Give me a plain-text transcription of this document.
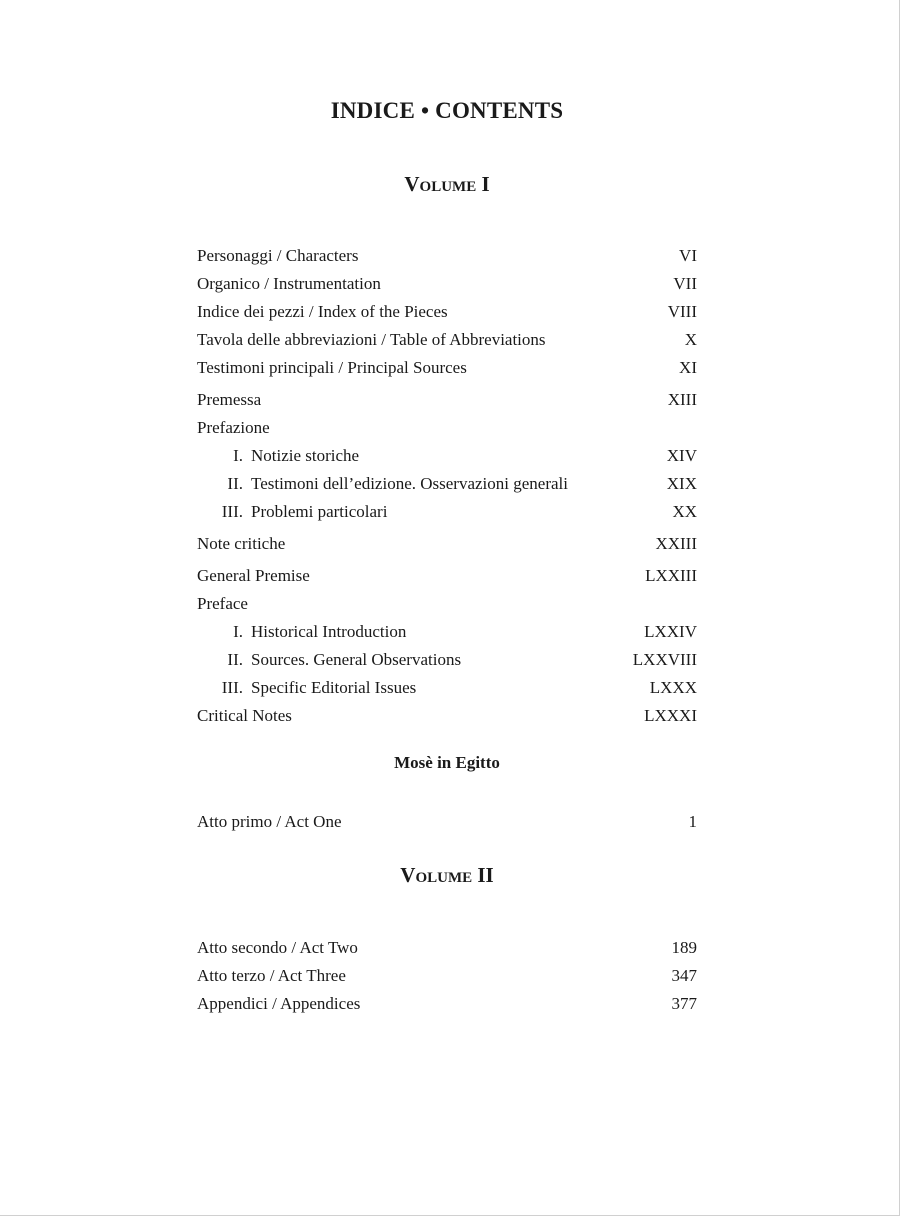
INDICE • CONTENTS
Volume I
Personaggi / Characters	VI
Organico / Instrumentation	VII
Indice dei pezzi / Index of the Pieces	VIII
Tavola delle abbreviazioni / Table of Abbreviations	X
Testimoni principali / Principal Sources	XI
Premessa	XIII
Prefazione
I. Notizie storiche	XIV
II. Testimoni dell’edizione. Osservazioni generali	XIX
III. Problemi particolari	XX
Note critiche	XXIII
General Premise	LXXIII
Preface
I. Historical Introduction	LXXIV
II. Sources. General Observations	LXXVIII
III. Specific Editorial Issues	LXXX
Critical Notes	LXXXI
Mosè in Egitto
Atto primo / Act One	1
Volume II
Atto secondo / Act Two	189
Atto terzo / Act Three	347
Appendici / Appendices	377
